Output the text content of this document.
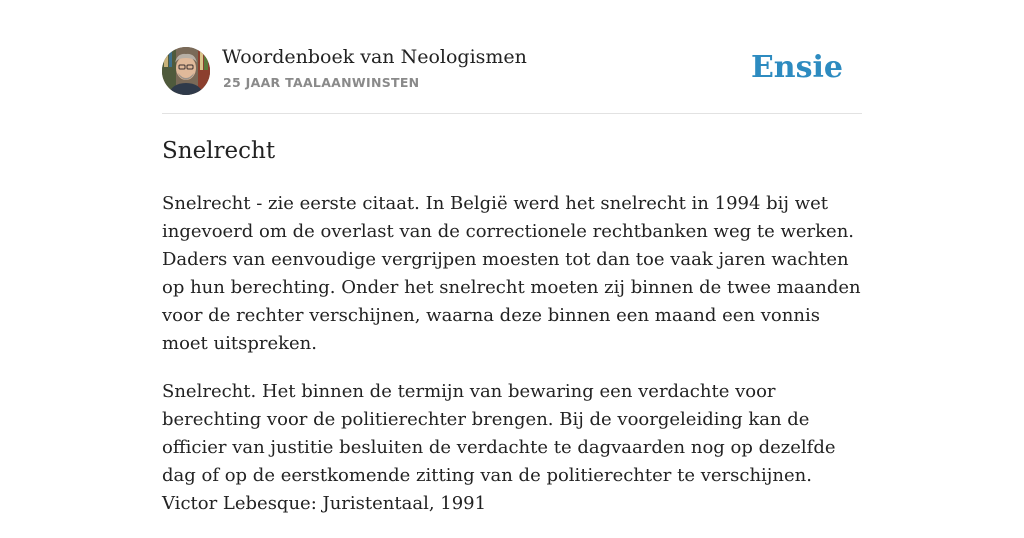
Woordenboek van Neologismen
25 JAAR TAALAANWINSTEN	Ensie
Snelrecht

Snelrecht - zie eerste citaat. In België werd het snelrecht in 1994 bij wet ingevoerd om de overlast van de correctionele rechtbanken weg te werken. Daders van eenvoudige vergrijpen moesten tot dan toe vaak jaren wachten op hun berechting. Onder het snelrecht moeten zij binnen de twee maanden voor de rechter verschijnen, waarna deze binnen een maand een vonnis moet uitspreken.

Snelrecht. Het binnen de termijn van bewaring een verdachte voor berechting voor de politierechter brengen. Bij de voorgeleiding kan de officier van justitie besluiten de verdachte te dagvaarden nog op dezelfde dag of op de eerstkomende zitting van de politierechter te verschijnen. Victor Lebesque: Juristentaal, 1991
